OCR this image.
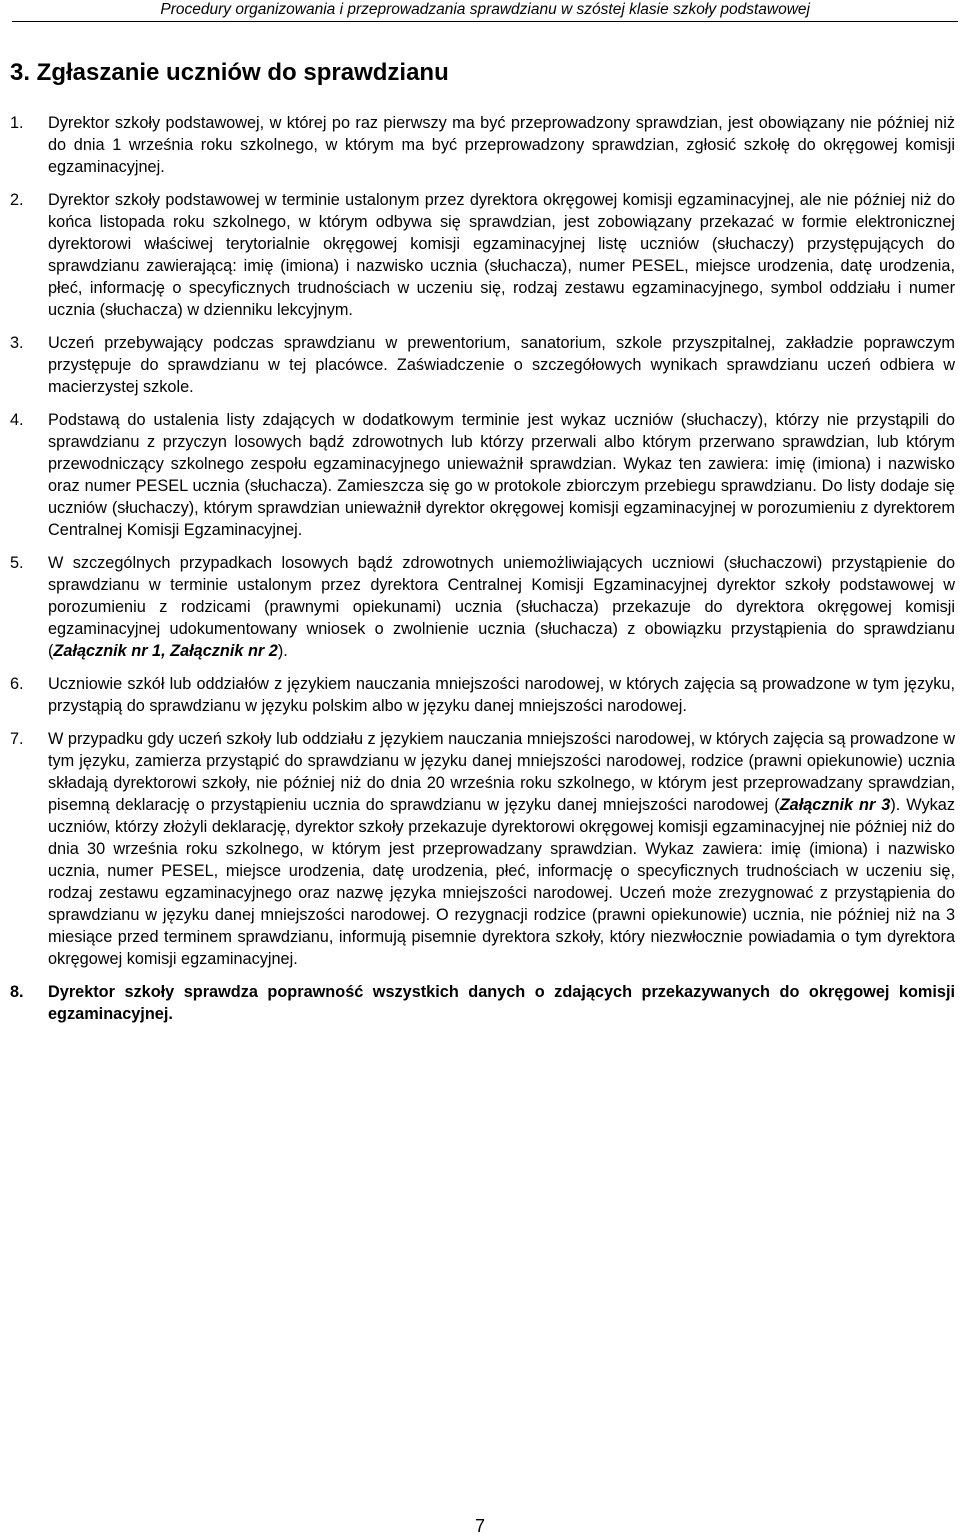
Procedury organizowania i przeprowadzania sprawdzianu w szóstej klasie szkoły podstawowej
3. Zgłaszanie uczniów do sprawdzianu
1. Dyrektor szkoły podstawowej, w której po raz pierwszy ma być przeprowadzony sprawdzian, jest obowiązany nie później niż do dnia 1 września roku szkolnego, w którym ma być przeprowadzony sprawdzian, zgłosić szkołę do okręgowej komisji egzaminacyjnej.
2. Dyrektor szkoły podstawowej w terminie ustalonym przez dyrektora okręgowej komisji egzaminacyjnej, ale nie później niż do końca listopada roku szkolnego, w którym odbywa się sprawdzian, jest zobowiązany przekazać w formie elektronicznej dyrektorowi właściwej terytorialnie okręgowej komisji egzaminacyjnej listę uczniów (słuchaczy) przystępujących do sprawdzianu zawierającą: imię (imiona) i nazwisko ucznia (słuchacza), numer PESEL, miejsce urodzenia, datę urodzenia, płeć, informację o specyficznych trudnościach w uczeniu się, rodzaj zestawu egzaminacyjnego, symbol oddziału i numer ucznia (słuchacza) w dzienniku lekcyjnym.
3. Uczeń przebywający podczas sprawdzianu w prewentorium, sanatorium, szkole przyszpitalnej, zakładzie poprawczym przystępuje do sprawdzianu w tej placówce. Zaświadczenie o szczegółowych wynikach sprawdzianu uczeń odbiera w macierzystej szkole.
4. Podstawą do ustalenia listy zdających w dodatkowym terminie jest wykaz uczniów (słuchaczy), którzy nie przystąpili do sprawdzianu z przyczyn losowych bądź zdrowotnych lub którzy przerwali albo którym przerwano sprawdzian, lub którym przewodniczący szkolnego zespołu egzaminacyjnego unieważnił sprawdzian. Wykaz ten zawiera: imię (imiona) i nazwisko oraz numer PESEL ucznia (słuchacza). Zamieszcza się go w protokole zbiorczym przebiegu sprawdzianu. Do listy dodaje się uczniów (słuchaczy), którym sprawdzian unieważnił dyrektor okręgowej komisji egzaminacyjnej w porozumieniu z dyrektorem Centralnej Komisji Egzaminacyjnej.
5. W szczególnych przypadkach losowych bądź zdrowotnych uniemożliwiających uczniowi (słuchaczowi) przystąpienie do sprawdzianu w terminie ustalonym przez dyrektora Centralnej Komisji Egzaminacyjnej dyrektor szkoły podstawowej w porozumieniu z rodzicami (prawnymi opiekunami) ucznia (słuchacza) przekazuje do dyrektora okręgowej komisji egzaminacyjnej udokumentowany wniosek o zwolnienie ucznia (słuchacza) z obowiązku przystąpienia do sprawdzianu (Załącznik nr 1, Załącznik nr 2).
6. Uczniowie szkół lub oddziałów z językiem nauczania mniejszości narodowej, w których zajęcia są prowadzone w tym języku, przystąpią do sprawdzianu w języku polskim albo w języku danej mniejszości narodowej.
7. W przypadku gdy uczeń szkoły lub oddziału z językiem nauczania mniejszości narodowej, w których zajęcia są prowadzone w tym języku, zamierza przystąpić do sprawdzianu w języku danej mniejszości narodowej, rodzice (prawni opiekunowie) ucznia składają dyrektorowi szkoły, nie później niż do dnia 20 września roku szkolnego, w którym jest przeprowadzany sprawdzian, pisemną deklarację o przystąpieniu ucznia do sprawdzianu w języku danej mniejszości narodowej (Załącznik nr 3). Wykaz uczniów, którzy złożyli deklarację, dyrektor szkoły przekazuje dyrektorowi okręgowej komisji egzaminacyjnej nie później niż do dnia 30 września roku szkolnego, w którym jest przeprowadzany sprawdzian. Wykaz zawiera: imię (imiona) i nazwisko ucznia, numer PESEL, miejsce urodzenia, datę urodzenia, płeć, informację o specyficznych trudnościach w uczeniu się, rodzaj zestawu egzaminacyjnego oraz nazwę języka mniejszości narodowej. Uczeń może zrezygnować z przystąpienia do sprawdzianu w języku danej mniejszości narodowej. O rezygnacji rodzice (prawni opiekunowie) ucznia, nie później niż na 3 miesiące przed terminem sprawdzianu, informują pisemnie dyrektora szkoły, który niezwłocznie powiadamia o tym dyrektora okręgowej komisji egzaminacyjnej.
8. Dyrektor szkoły sprawdza poprawność wszystkich danych o zdających przekazywanych do okręgowej komisji egzaminacyjnej.
7
